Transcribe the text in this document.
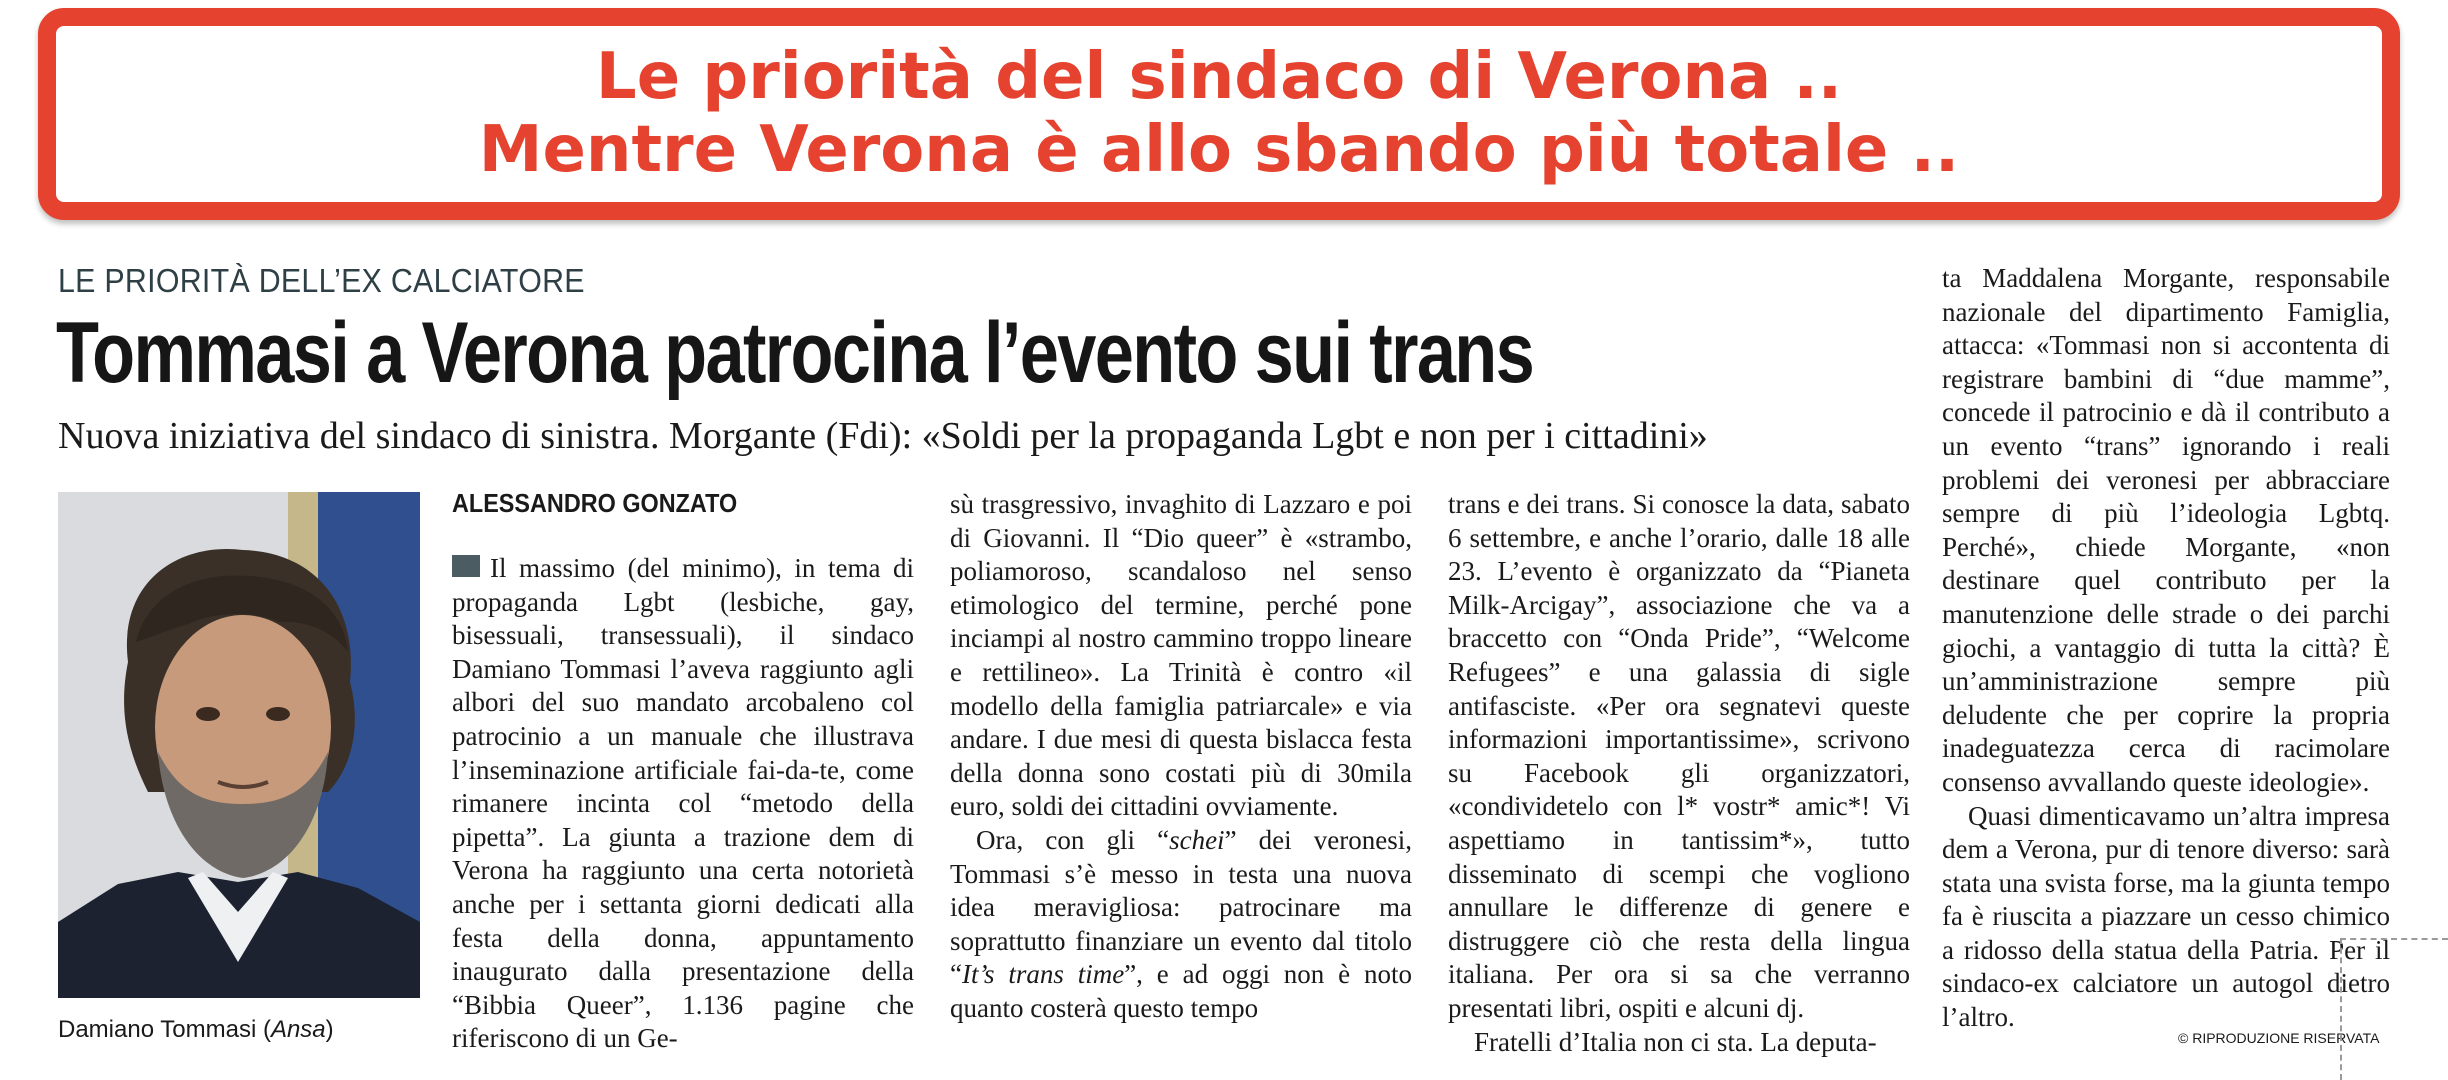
Le priorità del sindaco di Verona ..
Mentre Verona è allo sbando più totale ..
LE PRIORITÀ DELL’EX CALCIATORE
Tommasi a Verona patrocina l’evento sui trans
Nuova iniziativa del sindaco di sinistra. Morgante (Fdi): «Soldi per la propaganda Lgbt e non per i cittadini»
Damiano Tommasi (Ansa)
ALESSANDRO GONZATO

Il massimo (del minimo), in tema di propaganda Lgbt (lesbiche, gay, bisessuali, transessuali), il sindaco Damiano Tommasi l’aveva raggiunto agli albori del suo mandato arcobaleno col patrocinio a un manuale che illustrava l’inseminazione artificiale fai-da-te, come rimanere incinta col “metodo della pipetta”. La giunta a trazione dem di Verona ha raggiunto una certa notorietà anche per i settanta giorni dedicati alla festa della donna, appuntamento inaugurato dalla presentazione della “Bibbia Queer”, 1.136 pagine che riferiscono di un Ge-

sù trasgressivo, invaghito di Lazzaro e poi di Giovanni. Il “Dio queer” è «strambo, poliamoroso, scandaloso nel senso etimologico del termine, perché pone inciampi al nostro cammino troppo lineare e rettilineo». La Trinità è contro «il modello della famiglia patriarcale» e via andare. I due mesi di questa bislacca festa della donna sono costati più di 30mila euro, soldi dei cittadini ovviamente.

Ora, con gli “schei” dei veronesi, Tommasi s’è messo in testa una nuova idea meravigliosa: patrocinare ma soprattutto finanziare un evento dal titolo “It’s trans time”, e ad oggi non è noto quanto costerà questo tempo

trans e dei trans. Si conosce la data, sabato 6 settembre, e anche l’orario, dalle 18 alle 23. L’evento è organizzato da “Pianeta Milk-Arcigay”, associazione che va a braccetto con “Onda Pride”, “Welcome Refugees” e una galassia di sigle antifasciste. «Per ora segnatevi queste informazioni importantissime», scrivono su Facebook gli organizzatori, «condividetelo con l* vostr* amic*! Vi aspettiamo in tantissim*», tutto disseminato di scempi che vogliono annullare le differenze di genere e distruggere ciò che resta della lingua italiana. Per ora si sa che verranno presentati libri, ospiti e alcuni dj.

Fratelli d’Italia non ci sta. La deputa-

ta Maddalena Morgante, responsabile nazionale del dipartimento Famiglia, attacca: «Tommasi non si accontenta di registrare bambini di “due mamme”, concede il patrocinio e dà il contributo a un evento “trans” ignorando i reali problemi dei veronesi per abbracciare sempre di più l’ideologia Lgbtq. Perché», chiede Morgante, «non destinare quel contributo per la manutenzione delle strade o dei parchi giochi, a vantaggio di tutta la città? È un’amministrazione sempre più deludente che per coprire la propria inadeguatezza cerca di racimolare consenso avvallando queste ideologie».

Quasi dimenticavamo un’altra impresa dem a Verona, pur di tenore diverso: sarà stata una svista forse, ma la giunta tempo fa è riuscita a piazzare un cesso chimico a ridosso della statua della Patria. Per il sindaco-ex calciatore un autogol dietro l’altro.

© RIPRODUZIONE RISERVATA
